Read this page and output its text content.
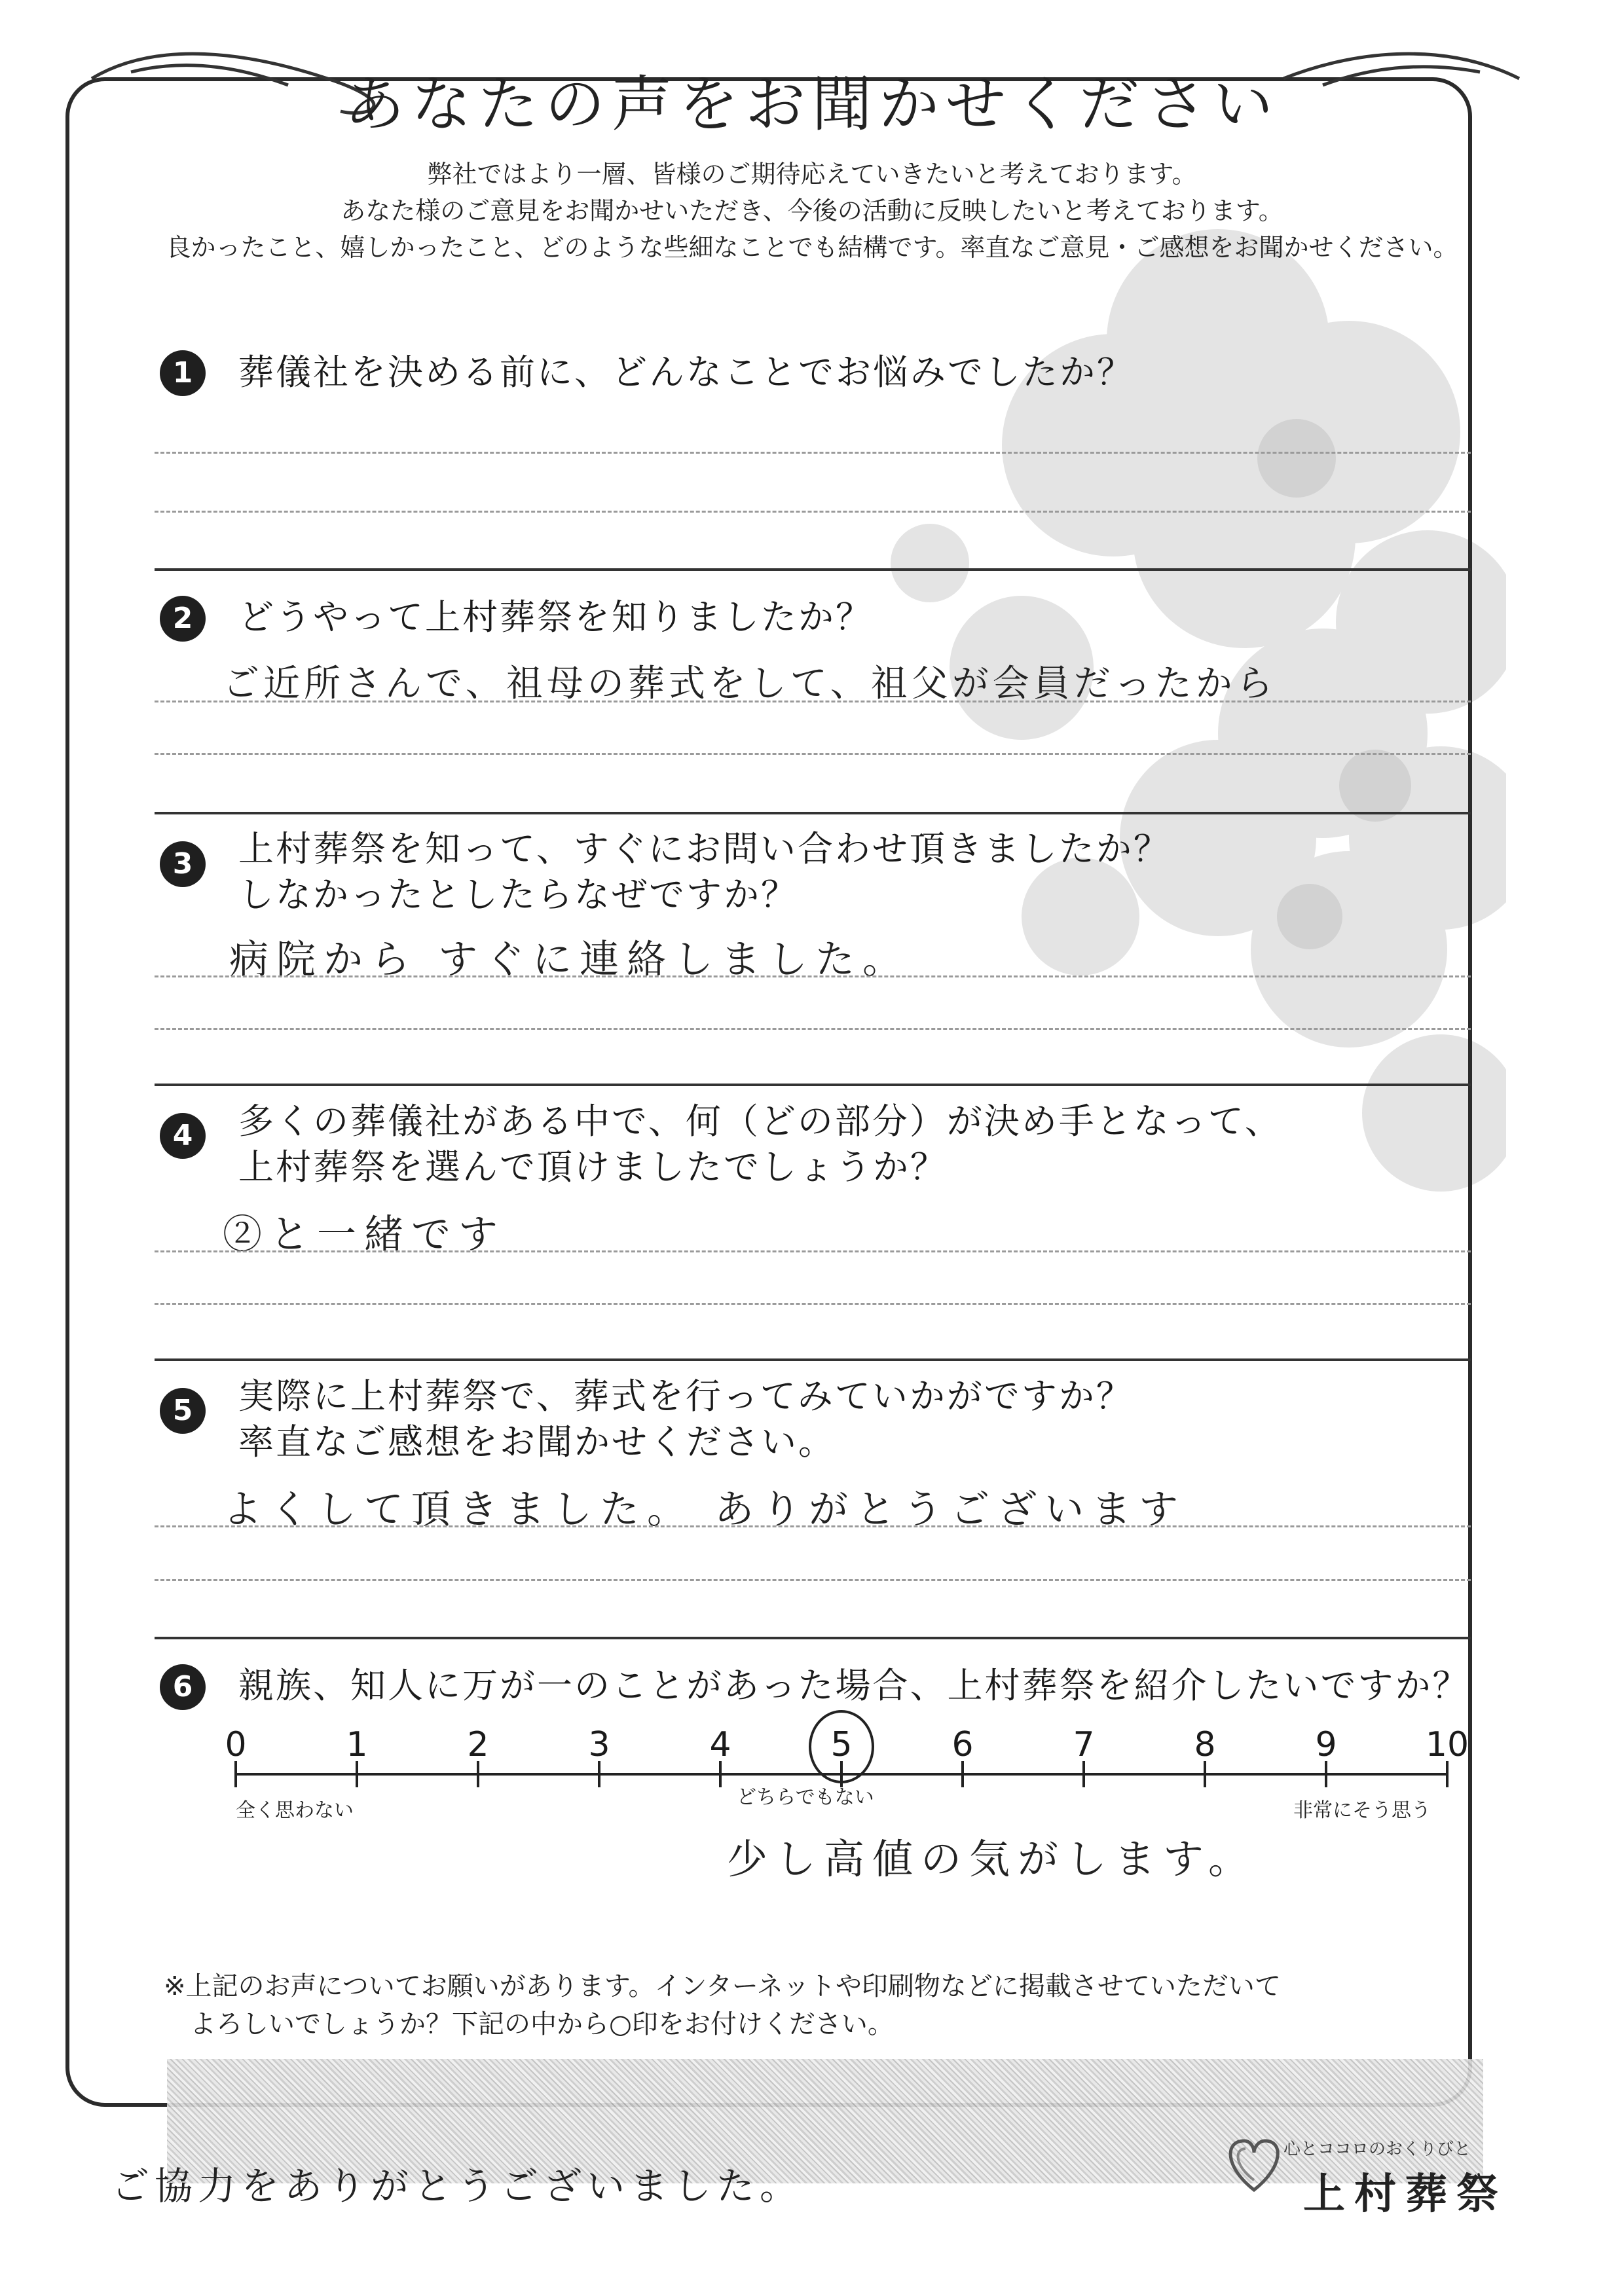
あなたの声をお聞かせください
弊社ではより一層、皆様のご期待応えていきたいと考えております。
あなた様のご意見をお聞かせいただき、今後の活動に反映したいと考えております。
良かったこと、嬉しかったこと、どのような些細なことでも結構です。率直なご意見・ご感想をお聞かせください。
1	葬儀社を決める前に、どんなことでお悩みでしたか？
2	どうやって上村葬祭を知りましたか？
ご近所さんで、祖母の葬式をして、祖父が会員だったから
3	上村葬祭を知って、すぐにお問い合わせ頂きましたか？
しなかったとしたらなぜですか？
病院から すぐに連絡しました。
4	多くの葬儀社がある中で、何（どの部分）が決め手となって、
上村葬祭を選んで頂けましたでしょうか？
②と一緒です
5	実際に上村葬祭で、葬式を行ってみていかがですか？
率直なご感想をお聞かせください。
よくして頂きました。 ありがとうございます
6	親族、知人に万が一のことがあった場合、上村葬祭を紹介したいですか？
0	1	2	3	4	5	6	7	8	9	10
全く思わない
どちらでもない
非常にそう思う
少し高値の気がします。
※上記のお声についてお願いがあります。インターネットや印刷物などに掲載させていただいて
よろしいでしょうか？下記の中から○印をお付けください。
ご協力をありがとうございました。
心とココロのおくりびと
上村葬祭
